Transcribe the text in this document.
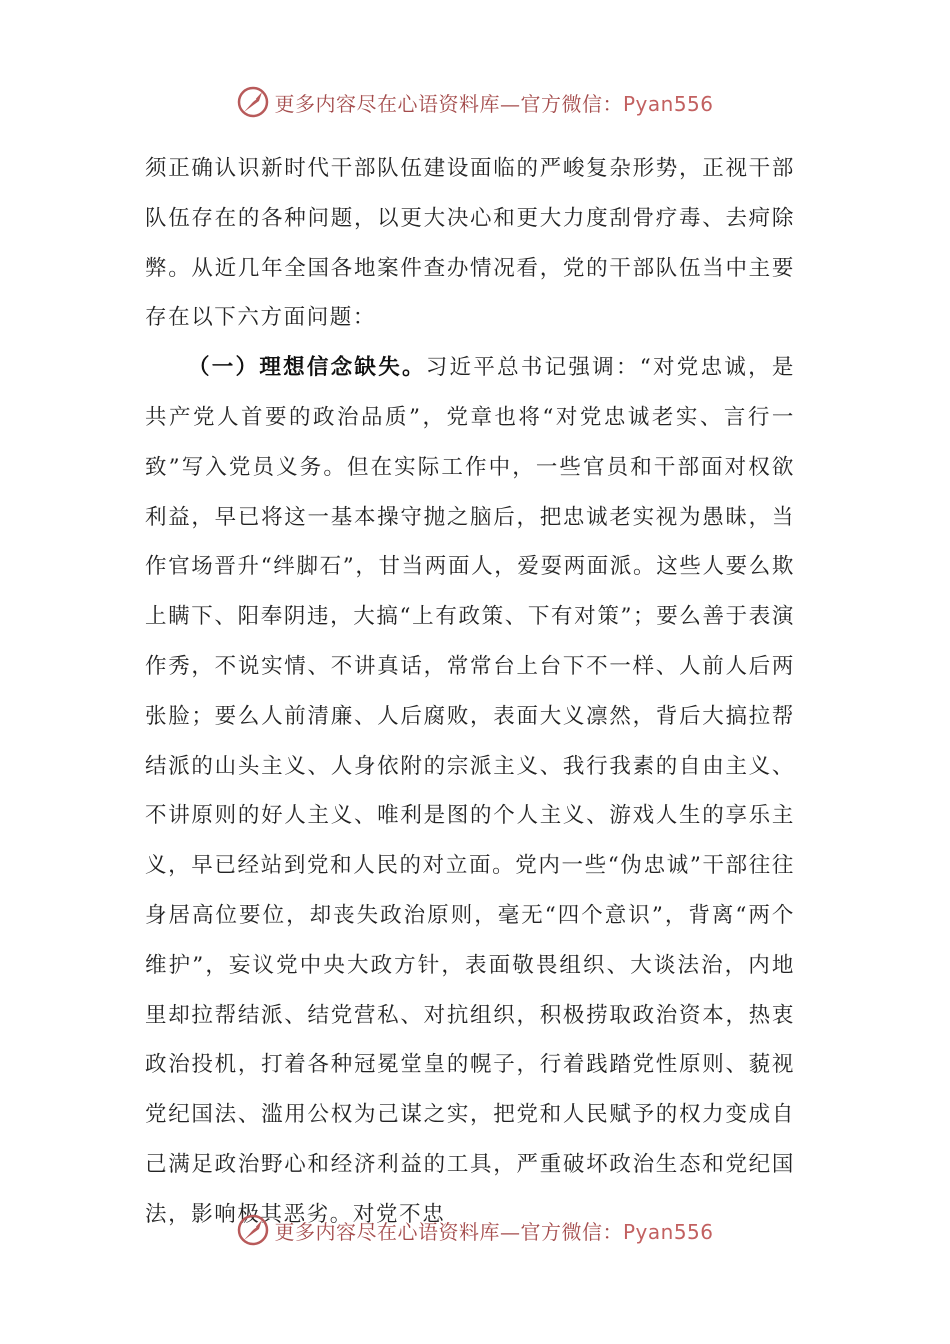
更多内容尽在心语资料库—官方微信：Pyan556

须正确认识新时代干部队伍建设面临的严峻复杂形势，正视干部队伍存在的各种问题，以更大决心和更大力度刮骨疗毒、去疴除弊。从近几年全国各地案件查办情况看，党的干部队伍当中主要存在以下六方面问题：

（一）理想信念缺失。习近平总书记强调：“对党忠诚，是共产党人首要的政治品质”，党章也将“对党忠诚老实、言行一致”写入党员义务。但在实际工作中，一些官员和干部面对权欲利益，早已将这一基本操守抛之脑后，把忠诚老实视为愚昧，当作官场晋升“绊脚石”，甘当两面人，爱耍两面派。这些人要么欺上瞒下、阳奉阴违，大搞“上有政策、下有对策”；要么善于表演作秀，不说实情、不讲真话，常常台上台下不一样、人前人后两张脸；要么人前清廉、人后腐败，表面大义凛然，背后大搞拉帮结派的山头主义、人身依附的宗派主义、我行我素的自由主义、不讲原则的好人主义、唯利是图的个人主义、游戏人生的享乐主义，早已经站到党和人民的对立面。党内一些“伪忠诚”干部往往身居高位要位，却丧失政治原则，毫无“四个意识”，背离“两个维护”，妄议党中央大政方针，表面敬畏组织、大谈法治，内地里却拉帮结派、结党营私、对抗组织，积极捞取政治资本，热衷政治投机，打着各种冠冕堂皇的幌子，行着践踏党性原则、藐视党纪国法、滥用公权为己谋之实，把党和人民赋予的权力变成自己满足政治野心和经济利益的工具，严重破坏政治生态和党纪国法，影响极其恶劣。对党不忠

更多内容尽在心语资料库—官方微信：Pyan556
